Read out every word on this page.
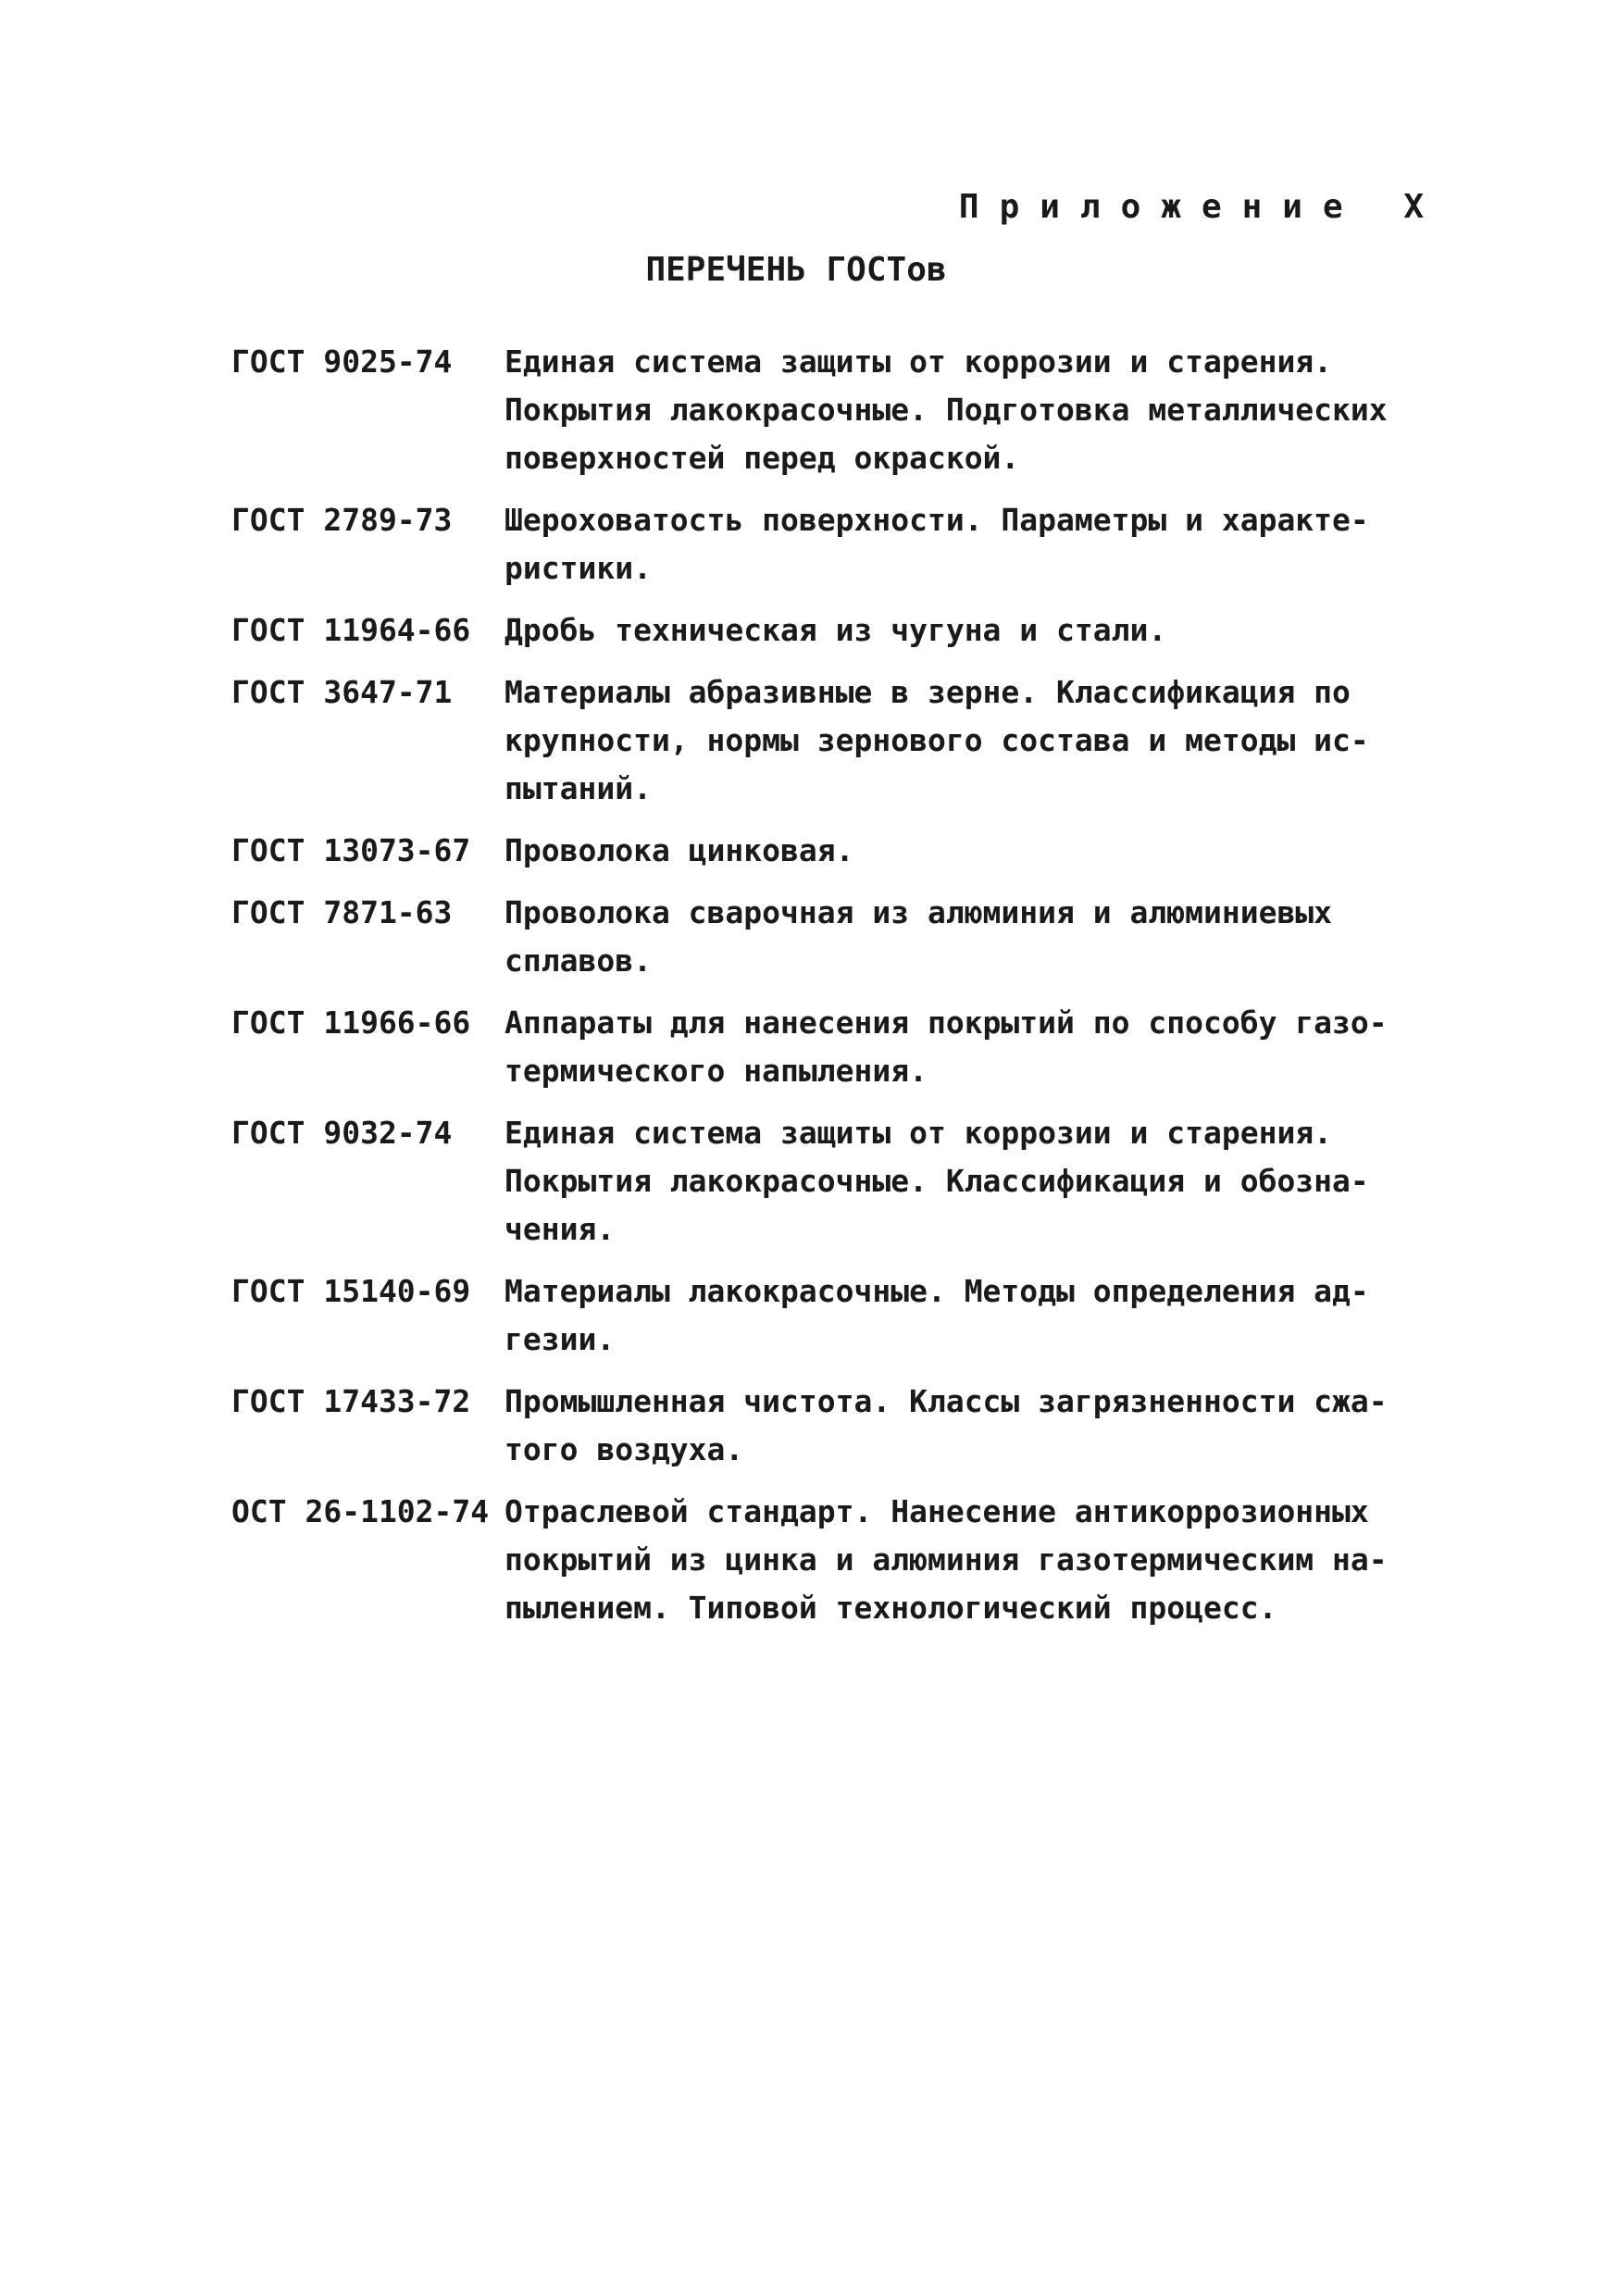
Приложение X
ПЕРЕЧЕНЬ ГОСТов
ГОСТ 9025-74	Единая система защиты от коррозии и старения.
Покрытия лакокрасочные. Подготовка металлических
поверхностей перед окраской.
ГОСТ 2789-73	Шероховатость поверхности. Параметры и характе-
ристики.
ГОСТ 11964-66	Дробь техническая из чугуна и стали.
ГОСТ 3647-71	Материалы абразивные в зерне. Классификация по
крупности, нормы зернового состава и методы ис-
пытаний.
ГОСТ 13073-67	Проволока цинковая.
ГОСТ 7871-63	Проволока сварочная из алюминия и алюминиевых
сплавов.
ГОСТ 11966-66	Аппараты для нанесения покрытий по способу газо-
термического напыления.
ГОСТ 9032-74	Единая система защиты от коррозии и старения.
Покрытия лакокрасочные. Классификация и обозна-
чения.
ГОСТ 15140-69	Материалы лакокрасочные. Методы определения ад-
гезии.
ГОСТ 17433-72	Промышленная чистота. Классы загрязненности сжа-
того воздуха.
ОСТ 26-1102-74 Отраслевой стандарт. Нанесение антикоррозионных
покрытий из цинка и алюминия газотермическим на-
пылением. Типовой технологический процесс.
